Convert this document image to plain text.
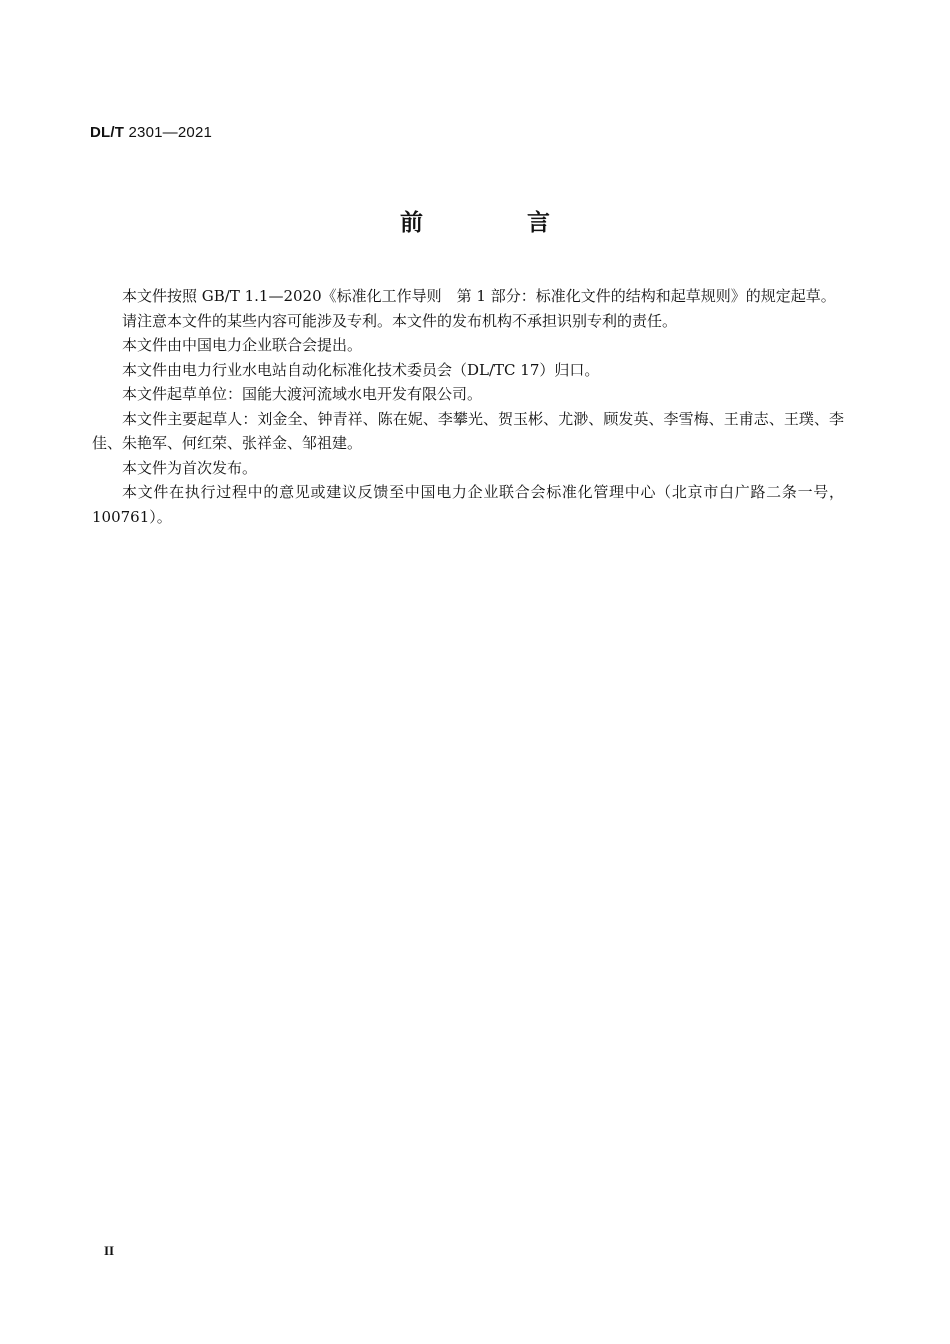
DL/T 2301—2021
前 言

本文件按照 GB/T 1.1—2020《标准化工作导则　第 1 部分：标准化文件的结构和起草规则》的规定起草。

请注意本文件的某些内容可能涉及专利。本文件的发布机构不承担识别专利的责任。

本文件由中国电力企业联合会提出。

本文件由电力行业水电站自动化标准化技术委员会（DL/TC 17）归口。

本文件起草单位：国能大渡河流域水电开发有限公司。

本文件主要起草人：刘金全、钟青祥、陈在妮、李攀光、贺玉彬、尤渺、顾发英、李雪梅、王甫志、王璞、李佳、朱艳军、何红荣、张祥金、邹祖建。

本文件为首次发布。

本文件在执行过程中的意见或建议反馈至中国电力企业联合会标准化管理中心（北京市白广路二条一号，100761）。

II
